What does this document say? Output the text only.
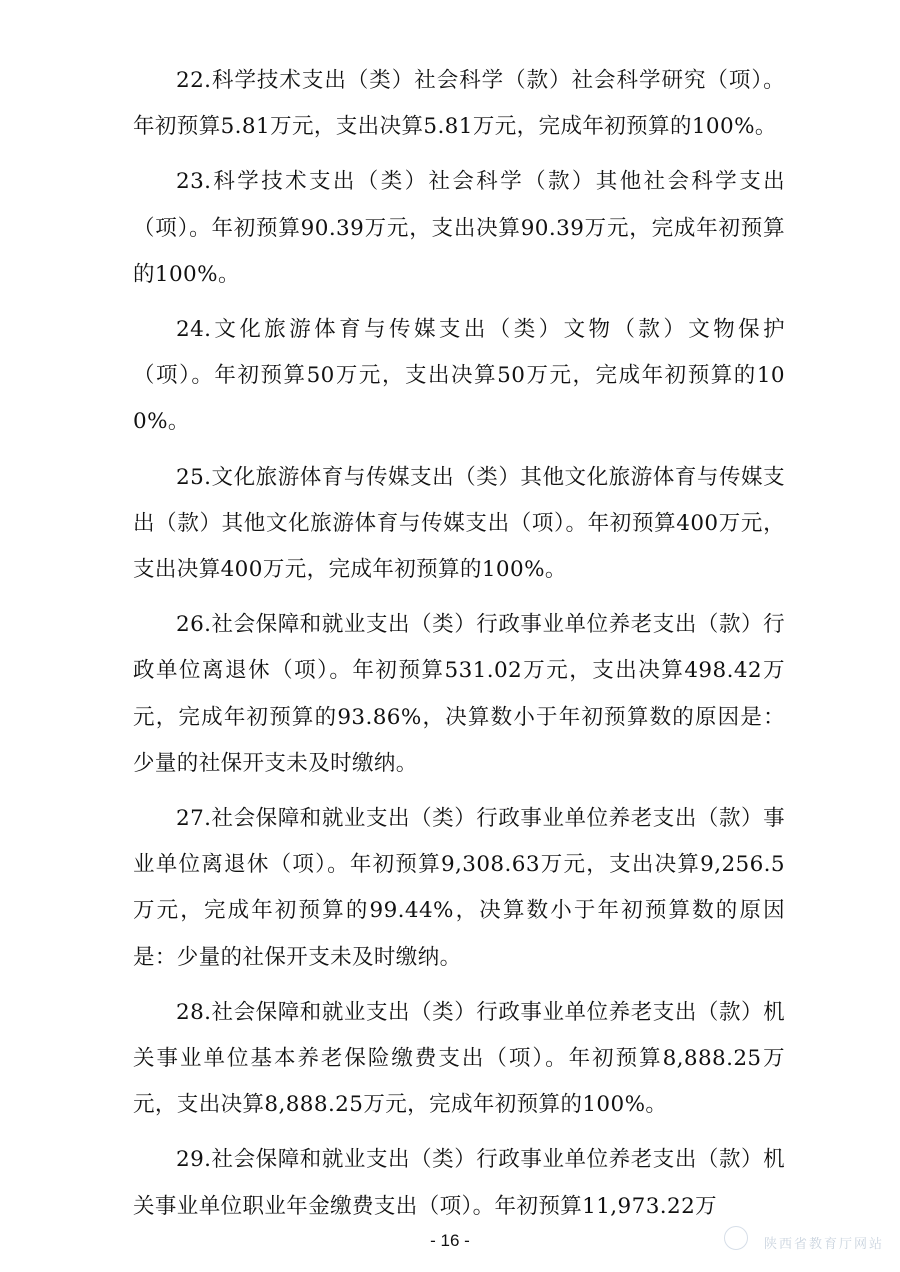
22.科学技术支出（类）社会科学（款）社会科学研究（项）。年初预算5.81万元，支出决算5.81万元，完成年初预算的100%。

23.科学技术支出（类）社会科学（款）其他社会科学支出（项）。年初预算90.39万元，支出决算90.39万元，完成年初预算的100%。

24.文化旅游体育与传媒支出（类）文物（款）文物保护（项）。年初预算50万元，支出决算50万元，完成年初预算的100%。

25.文化旅游体育与传媒支出（类）其他文化旅游体育与传媒支出（款）其他文化旅游体育与传媒支出（项）。年初预算400万元，支出决算400万元，完成年初预算的100%。

26.社会保障和就业支出（类）行政事业单位养老支出（款）行政单位离退休（项）。年初预算531.02万元，支出决算498.42万元，完成年初预算的93.86%，决算数小于年初预算数的原因是：少量的社保开支未及时缴纳。

27.社会保障和就业支出（类）行政事业单位养老支出（款）事业单位离退休（项）。年初预算9,308.63万元，支出决算9,256.5万元，完成年初预算的99.44%，决算数小于年初预算数的原因是：少量的社保开支未及时缴纳。

28.社会保障和就业支出（类）行政事业单位养老支出（款）机关事业单位基本养老保险缴费支出（项）。年初预算8,888.25万元，支出决算8,888.25万元，完成年初预算的100%。

29.社会保障和就业支出（类）行政事业单位养老支出（款）机关事业单位职业年金缴费支出（项）。年初预算11,973.22万

- 16 -	陕西省教育厅网站
